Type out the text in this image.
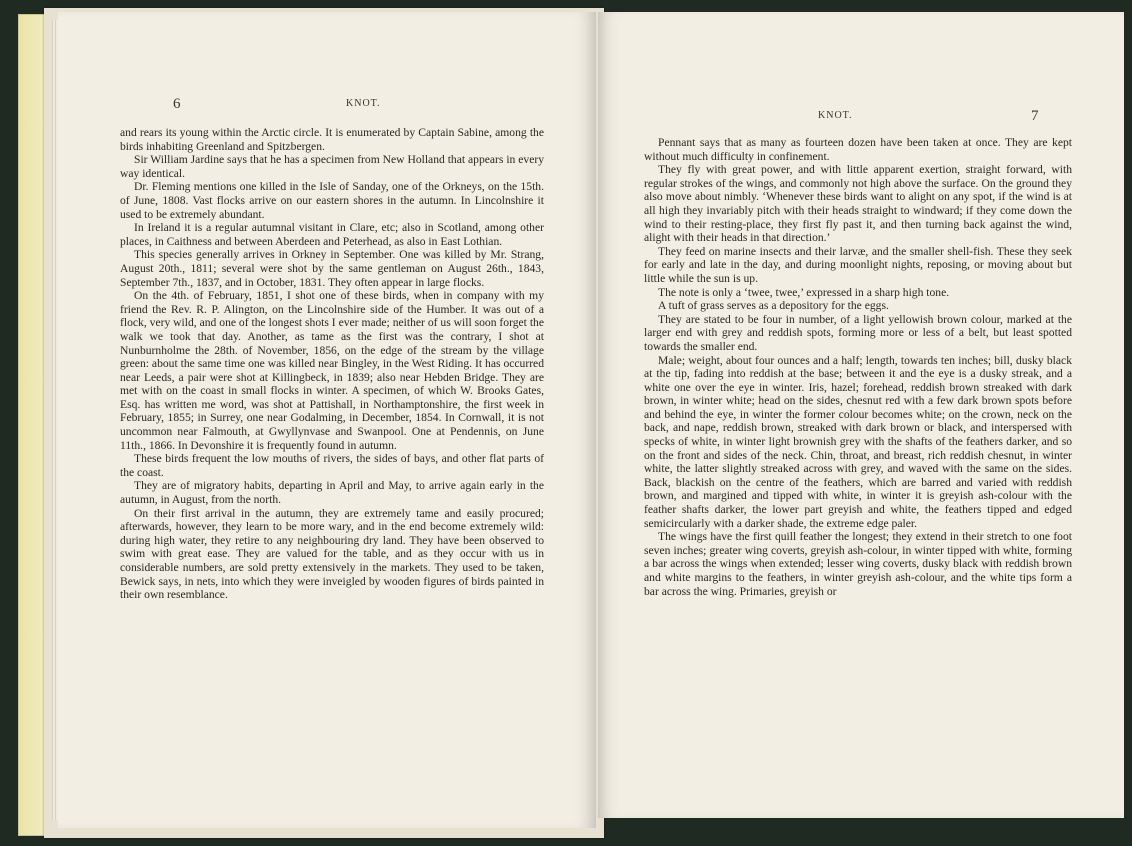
6	KNOT.

and rears its young within the Arctic circle. It is enumerated by Captain Sabine, among the birds inhabiting Greenland and Spitzbergen.

Sir William Jardine says that he has a specimen from New Holland that appears in every way identical.

Dr. Fleming mentions one killed in the Isle of Sanday, one of the Orkneys, on the 15th. of June, 1808. Vast flocks arrive on our eastern shores in the autumn. In Lincolnshire it used to be extremely abundant.

In Ireland it is a regular autumnal visitant in Clare, etc; also in Scotland, among other places, in Caithness and between Aberdeen and Peterhead, as also in East Lothian.

This species generally arrives in Orkney in September. One was killed by Mr. Strang, August 20th., 1811; several were shot by the same gentleman on August 26th., 1843, September 7th., 1837, and in October, 1831. They often appear in large flocks.

On the 4th. of February, 1851, I shot one of these birds, when in company with my friend the Rev. R. P. Alington, on the Lincolnshire side of the Humber. It was out of a flock, very wild, and one of the longest shots I ever made; neither of us will soon forget the walk we took that day. Another, as tame as the first was the contrary, I shot at Nunburnholme the 28th. of November, 1856, on the edge of the stream by the village green: about the same time one was killed near Bingley, in the West Riding. It has occurred near Leeds, a pair were shot at Killingbeck, in 1839; also near Hebden Bridge. They are met with on the coast in small flocks in winter. A specimen, of which W. Brooks Gates, Esq. has written me word, was shot at Pattishall, in Northamptonshire, the first week in February, 1855; in Surrey, one near Godalming, in December, 1854. In Cornwall, it is not uncommon near Falmouth, at Gwyllynvase and Swanpool. One at Pendennis, on June 11th., 1866. In Devonshire it is frequently found in autumn.

These birds frequent the low mouths of rivers, the sides of bays, and other flat parts of the coast.

They are of migratory habits, departing in April and May, to arrive again early in the autumn, in August, from the north.

On their first arrival in the autumn, they are extremely tame and easily procured; afterwards, however, they learn to be more wary, and in the end become extremely wild: during high water, they retire to any neighbouring dry land. They have been observed to swim with great ease. They are valued for the table, and as they occur with us in considerable numbers, are sold pretty extensively in the markets. They used to be taken, Bewick says, in nets, into which they were inveigled by wooden figures of birds painted in their own resemblance.

KNOT.	7

Pennant says that as many as fourteen dozen have been taken at once. They are kept without much difficulty in confinement.

They fly with great power, and with little apparent exertion, straight forward, with regular strokes of the wings, and commonly not high above the surface. On the ground they also move about nimbly. ‘Whenever these birds want to alight on any spot, if the wind is at all high they invariably pitch with their heads straight to windward; if they come down the wind to their resting-place, they first fly past it, and then turning back against the wind, alight with their heads in that direction.’

They feed on marine insects and their larvæ, and the smaller shell-fish. These they seek for early and late in the day, and during moonlight nights, reposing, or moving about but little while the sun is up.

The note is only a ‘twee, twee,’ expressed in a sharp high tone.

A tuft of grass serves as a depository for the eggs.

They are stated to be four in number, of a light yellowish brown colour, marked at the larger end with grey and reddish spots, forming more or less of a belt, but least spotted towards the smaller end.

Male; weight, about four ounces and a half; length, towards ten inches; bill, dusky black at the tip, fading into reddish at the base; between it and the eye is a dusky streak, and a white one over the eye in winter. Iris, hazel; forehead, reddish brown streaked with dark brown, in winter white; head on the sides, chesnut red with a few dark brown spots before and behind the eye, in winter the former colour becomes white; on the crown, neck on the back, and nape, reddish brown, streaked with dark brown or black, and interspersed with specks of white, in winter light brownish grey with the shafts of the feathers darker, and so on the front and sides of the neck. Chin, throat, and breast, rich reddish chesnut, in winter white, the latter slightly streaked across with grey, and waved with the same on the sides. Back, blackish on the centre of the feathers, which are barred and varied with reddish brown, and margined and tipped with white, in winter it is greyish ash-colour with the feather shafts darker, the lower part greyish and white, the feathers tipped and edged semicircularly with a darker shade, the extreme edge paler.

The wings have the first quill feather the longest; they extend in their stretch to one foot seven inches; greater wing coverts, greyish ash-colour, in winter tipped with white, forming a bar across the wings when extended; lesser wing coverts, dusky black with reddish brown and white margins to the feathers, in winter greyish ash-colour, and the white tips form a bar across the wing. Primaries, greyish or
